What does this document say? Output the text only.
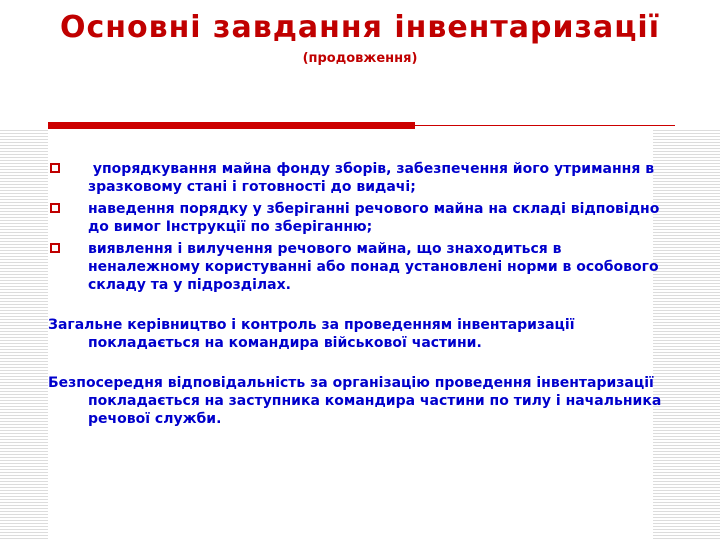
Основні завдання інвентаризації
(продовження)
упорядкування майна фонду зборів, забезпечення його утримання в зразковому стані і готовності до видачі;
наведення порядку у зберіганні речового майна на складі відповідно до вимог Інструкції по зберіганню;
виявлення і вилучення речового майна, що знаходиться в неналежному користуванні або понад установлені норми в особового складу та у підрозділах.
Загальне керівництво і контроль за проведенням інвентаризації покладається на командира військової частини.
Безпосередня відповідальність за організацію проведення інвентаризації покладається на заступника командира частини по тилу і начальника речової служби.
